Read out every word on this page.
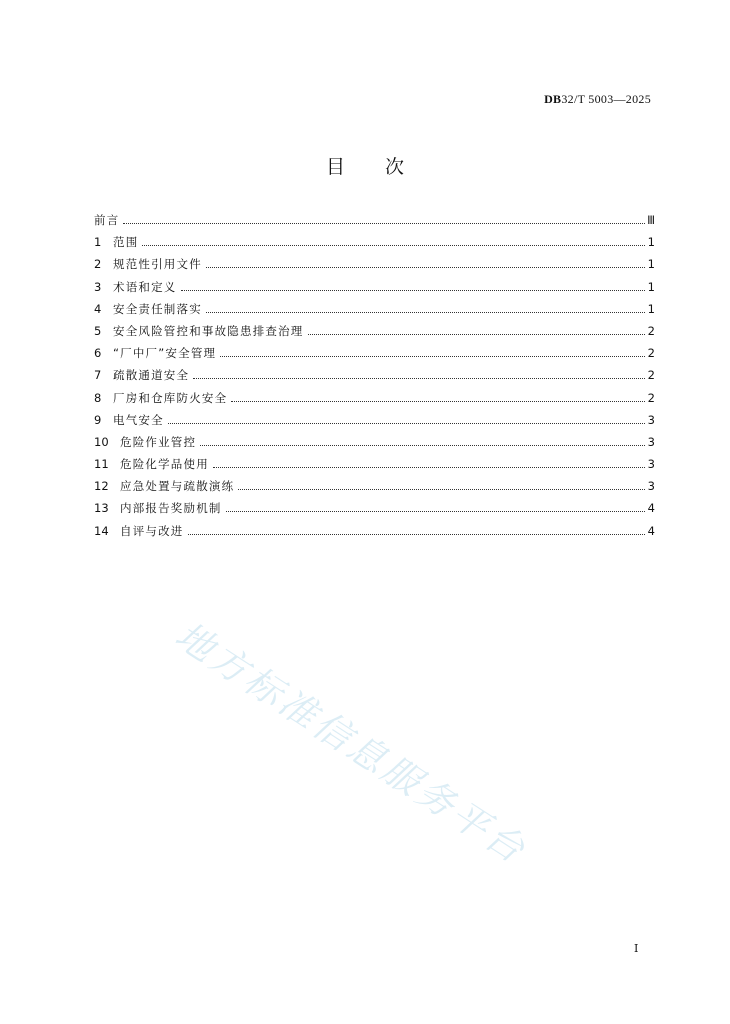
DB32/T 5003—2025
目次
前言	Ⅲ
1	范围	1
2	规范性引用文件	1
3	术语和定义	1
4	安全责任制落实	1
5	安全风险管控和事故隐患排查治理	2
6	“厂中厂”安全管理	2
7	疏散通道安全	2
8	厂房和仓库防火安全	2
9	电气安全	3
10 危险作业管控	3
11 危险化学品使用	3
12 应急处置与疏散演练	3
13 内部报告奖励机制	4
14 自评与改进	4
地方标准信息服务平台
I
